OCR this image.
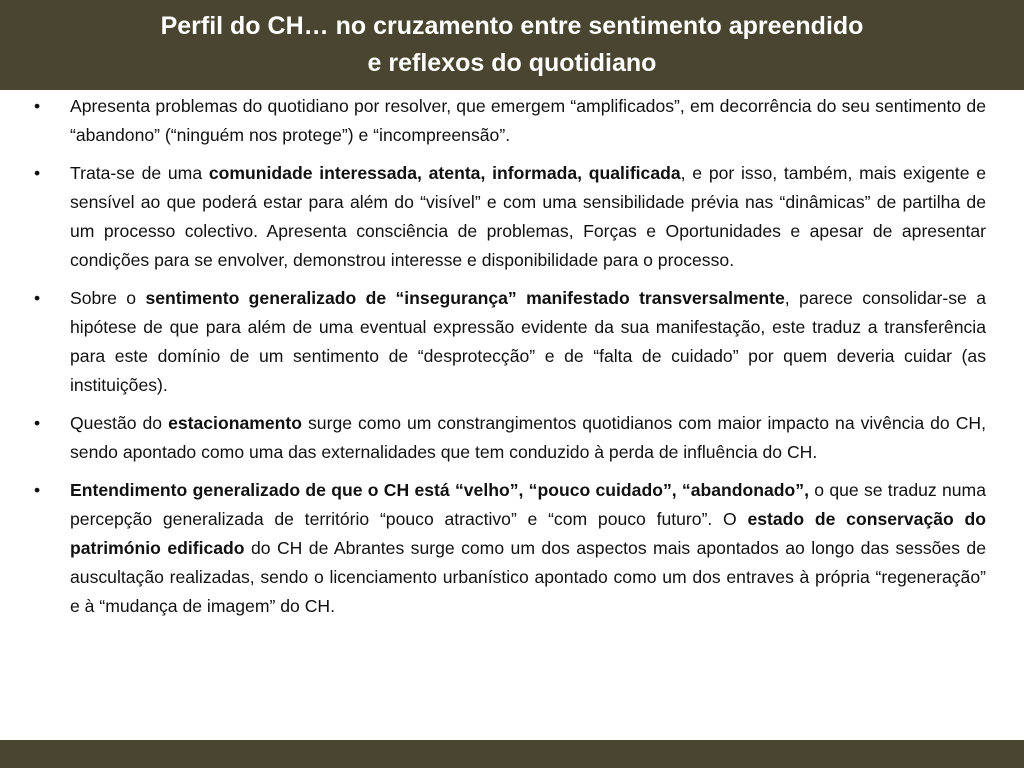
Perfil do CH… no cruzamento entre sentimento apreendido
e reflexos do quotidiano
• Apresenta problemas do quotidiano por resolver, que emergem “amplificados”, em decorrência do seu sentimento de “abandono” (“ninguém nos protege”) e “incompreensão”.
• Trata-se de uma comunidade interessada, atenta, informada, qualificada, e por isso, também, mais exigente e sensível ao que poderá estar para além do “visível” e com uma sensibilidade prévia nas “dinâmicas” de partilha de um processo colectivo. Apresenta consciência de problemas, Forças e Oportunidades e apesar de apresentar condições para se envolver, demonstrou interesse e disponibilidade para o processo.
• Sobre o sentimento generalizado de “insegurança” manifestado transversalmente, parece consolidar-se a hipótese de que para além de uma eventual expressão evidente da sua manifestação, este traduz a transferência para este domínio de um sentimento de “desprotecção” e de “falta de cuidado” por quem deveria cuidar (as instituições).
• Questão do estacionamento surge como um constrangimentos quotidianos com maior impacto na vivência do CH, sendo apontado como uma das externalidades que tem conduzido à perda de influência do CH.
• Entendimento generalizado de que o CH está “velho”, “pouco cuidado”, “abandonado”, o que se traduz numa percepção generalizada de território “pouco atractivo” e “com pouco futuro”. O estado de conservação do património edificado do CH de Abrantes surge como um dos aspectos mais apontados ao longo das sessões de auscultação realizadas, sendo o licenciamento urbanístico apontado como um dos entraves à própria “regeneração” e à “mudança de imagem” do CH.
